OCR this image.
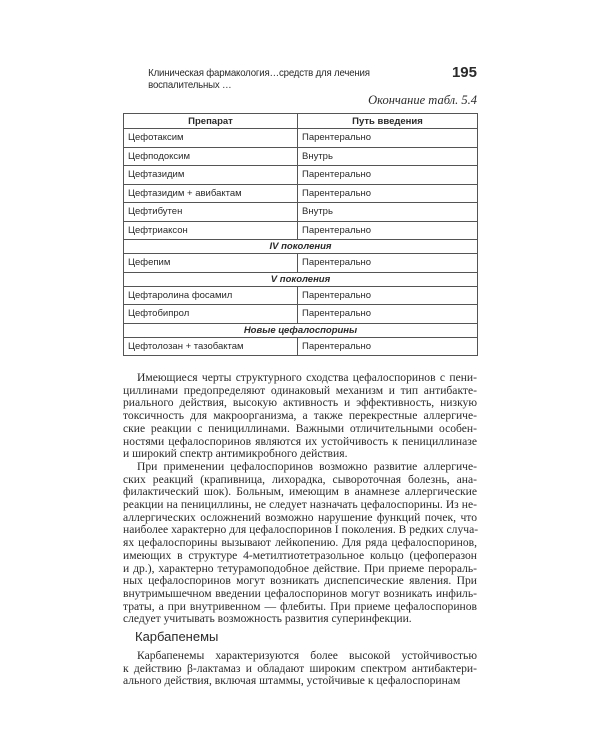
Клиническая фармакология…средств для лечения воспалительных …
195
Окончание табл. 5.4
Препарат	Путь введения
Цефотаксим	Парентерально
Цефподоксим	Внутрь
Цефтазидим	Парентерально
Цефтазидим + авибактам	Парентерально
Цефтибутен	Внутрь
Цефтриаксон	Парентерально
IV поколения	
Цефепим	Парентерально
V поколения	
Цефтаролина фосамил	Парентерально
Цефтобипрол	Парентерально
Новые цефалоспорины	
Цефтолозан + тазобактам	Парентерально
Имеющиеся черты структурного сходства цефалоспоринов с пени-
циллинами предопределяют одинаковый механизм и тип антибакте-
риального действия, высокую активность и эффективность, низкую
токсичность для макроорганизма, а также перекрестные аллергиче-
ские реакции с пенициллинами. Важными отличительными особен-
ностями цефалоспоринов являются их устойчивость к пенициллиназе
и широкий спектр антимикробного действия.
При применении цефалоспоринов возможно развитие аллергиче-
ских реакций (крапивница, лихорадка, сывороточная болезнь, ана-
филактический шок). Больным, имеющим в анамнезе аллергические
реакции на пенициллины, не следует назначать цефалоспорины. Из не-
аллергических осложнений возможно нарушение функций почек, что
наиболее характерно для цефалоспоринов I поколения. В редких случа-
ях цефалоспорины вызывают лейкопению. Для ряда цефалоспоринов,
имеющих в структуре 4-метилтиотетразольное кольцо (цефоперазон
и др.), характерно тетурамоподобное действие. При приеме перораль-
ных цефалоспоринов могут возникать диспепсические явления. При
внутримышечном введении цефалоспоринов могут возникать инфиль-
траты, а при внутривенном — флебиты. При приеме цефалоспоринов
следует учитывать возможность развития суперинфекции.
Карбапенемы
Карбапенемы характеризуются более высокой устойчивостью
к действию β-лактамаз и обладают широким спектром антибактери-
ального действия, включая штаммы, устойчивые к цефалоспоринам
